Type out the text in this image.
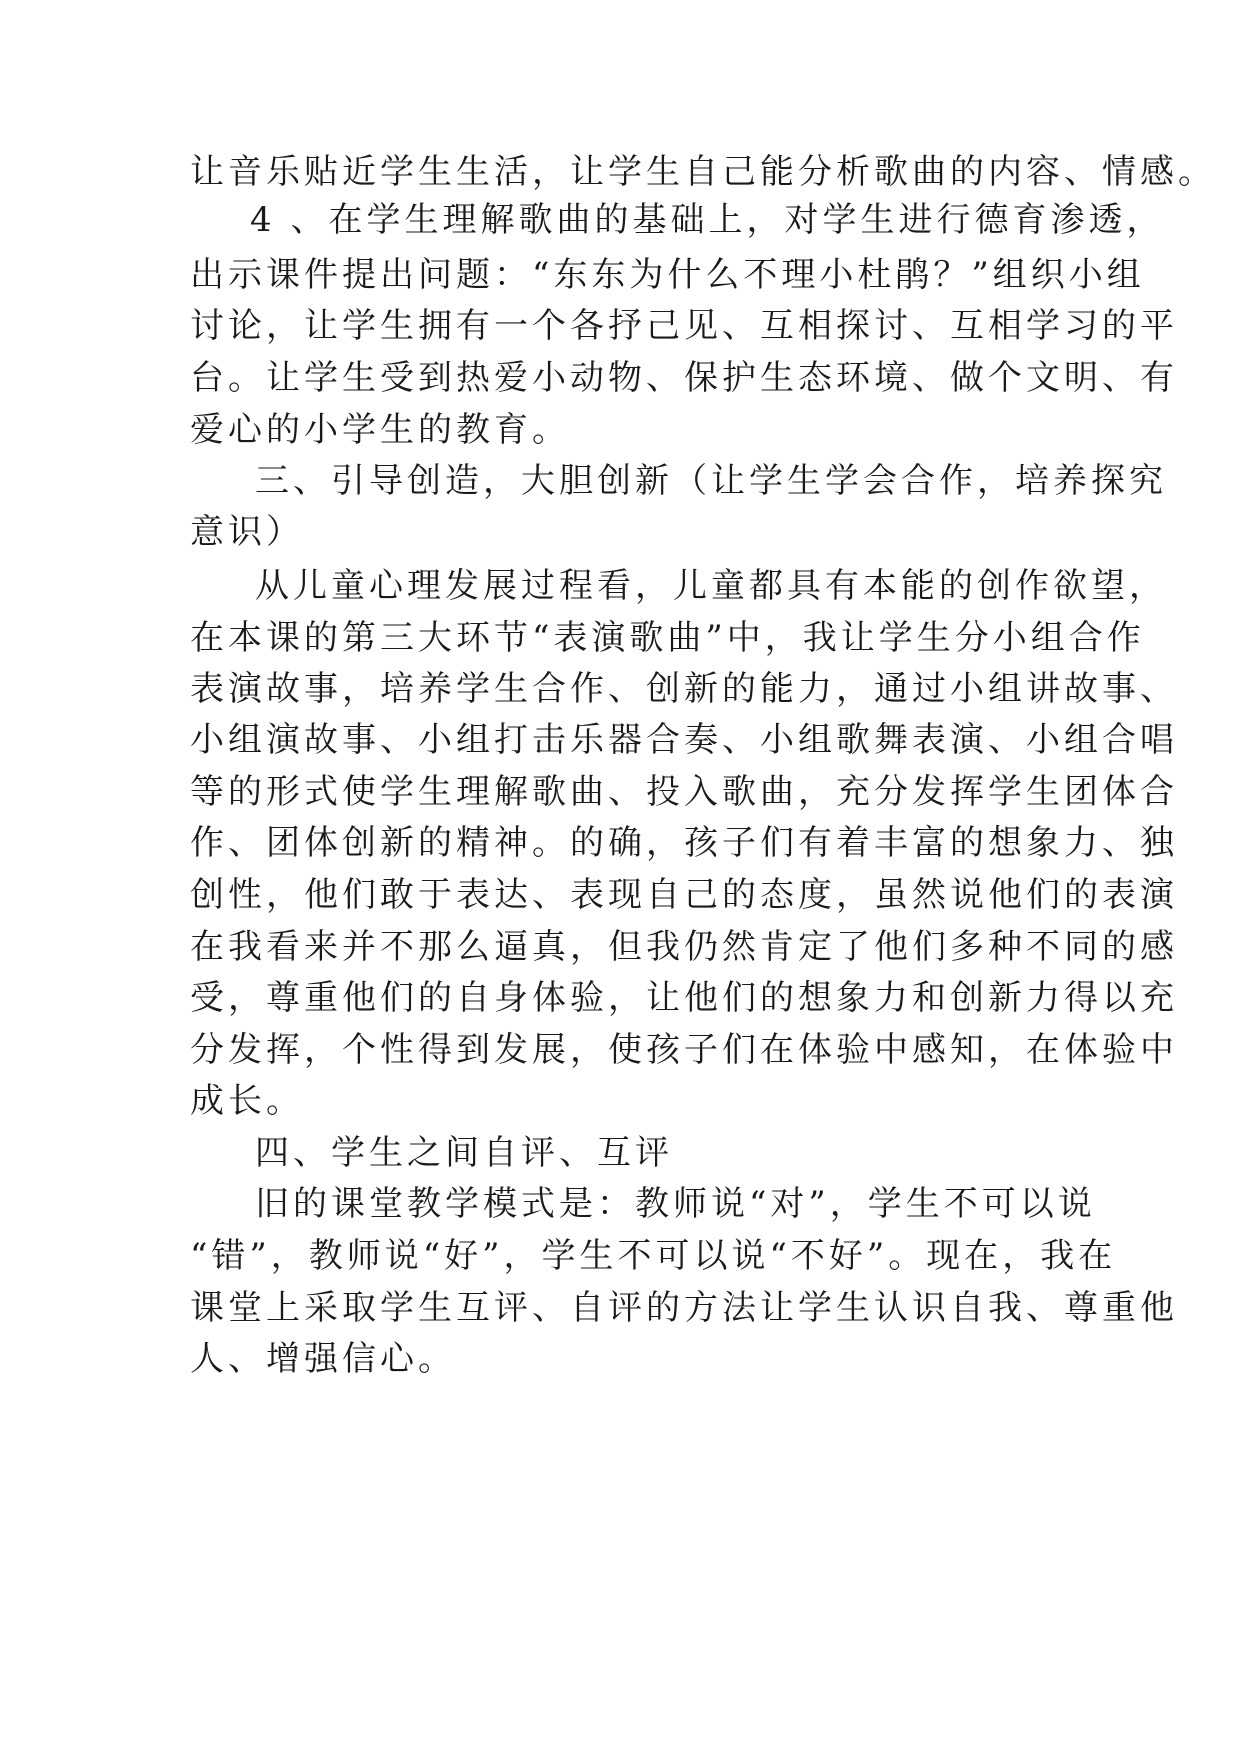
让音乐贴近学生生活，让学生自己能分析歌曲的内容、情感。
4 、在学生理解歌曲的基础上，对学生进行德育渗透，
出示课件提出问题：“东东为什么不理小杜鹃？”组织小组
讨论，让学生拥有一个各抒己见、互相探讨、互相学习的平
台。让学生受到热爱小动物、保护生态环境、做个文明、有
爱心的小学生的教育。
三、引导创造，大胆创新（让学生学会合作，培养探究
意识）
从儿童心理发展过程看，儿童都具有本能的创作欲望，
在本课的第三大环节“表演歌曲”中，我让学生分小组合作
表演故事，培养学生合作、创新的能力，通过小组讲故事、
小组演故事、小组打击乐器合奏、小组歌舞表演、小组合唱
等的形式使学生理解歌曲、投入歌曲，充分发挥学生团体合
作、团体创新的精神。的确，孩子们有着丰富的想象力、独
创性，他们敢于表达、表现自己的态度，虽然说他们的表演
在我看来并不那么逼真，但我仍然肯定了他们多种不同的感
受，尊重他们的自身体验，让他们的想象力和创新力得以充
分发挥，个性得到发展，使孩子们在体验中感知，在体验中
成长。
四、学生之间自评、互评
旧的课堂教学模式是：教师说“对”，学生不可以说
“错”，教师说“好”，学生不可以说“不好”。现在，我在
课堂上采取学生互评、自评的方法让学生认识自我、尊重他
人、增强信心。
